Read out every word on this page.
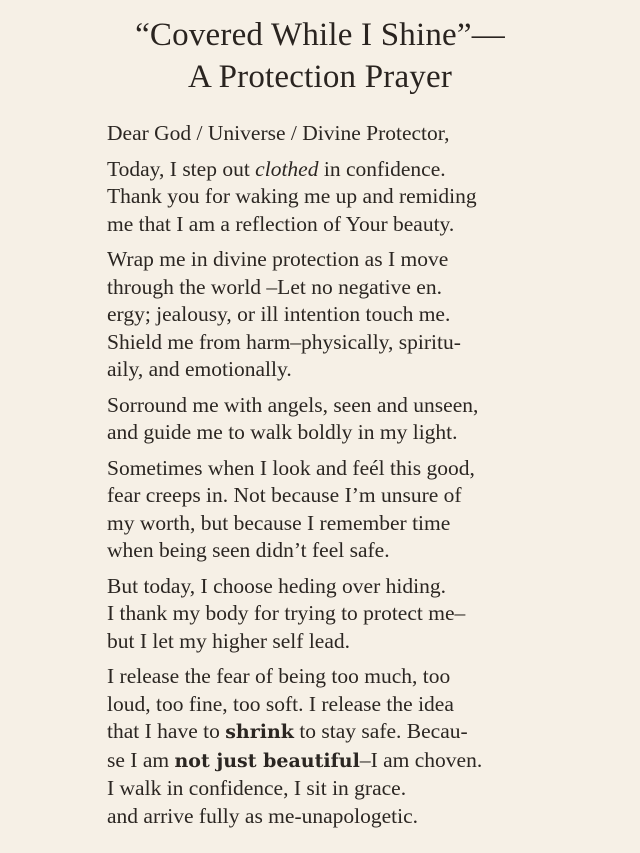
“Covered While I Shine”—
A Protection Prayer
Dear God / Universe / Divine Protector,
Today, I step out clothed in confidence.
Thank you for waking me up and remiding
me that I am a reflection of Your beauty.
Wrap me in divine protection as I move
through the world –Let no negative en.
ergy; jealousy, or ill intention touch me.
Shield me from harm–physically, spiritu-
aily, and emotionally.
Sorround me with angels, seen and unseen,
and guide me to walk boldly in my light.
Sometimes when I look and feél this good,
fear creeps in. Not because I’m unsure of
my worth, but because I remember time
when being seen didn’t feel safe.
But today, I choose heding over hiding.
I thank my body for trying to protect me–
but I let my higher self lead.
I release the fear of being too much, too
loud, too fine, too soft. I release the idea
that I have to shrink to stay safe. Becau-
se I am not just beautiful–I am choven.
I walk in confidence, I sit in grace.
and arrive fully as me-unapologetic.
